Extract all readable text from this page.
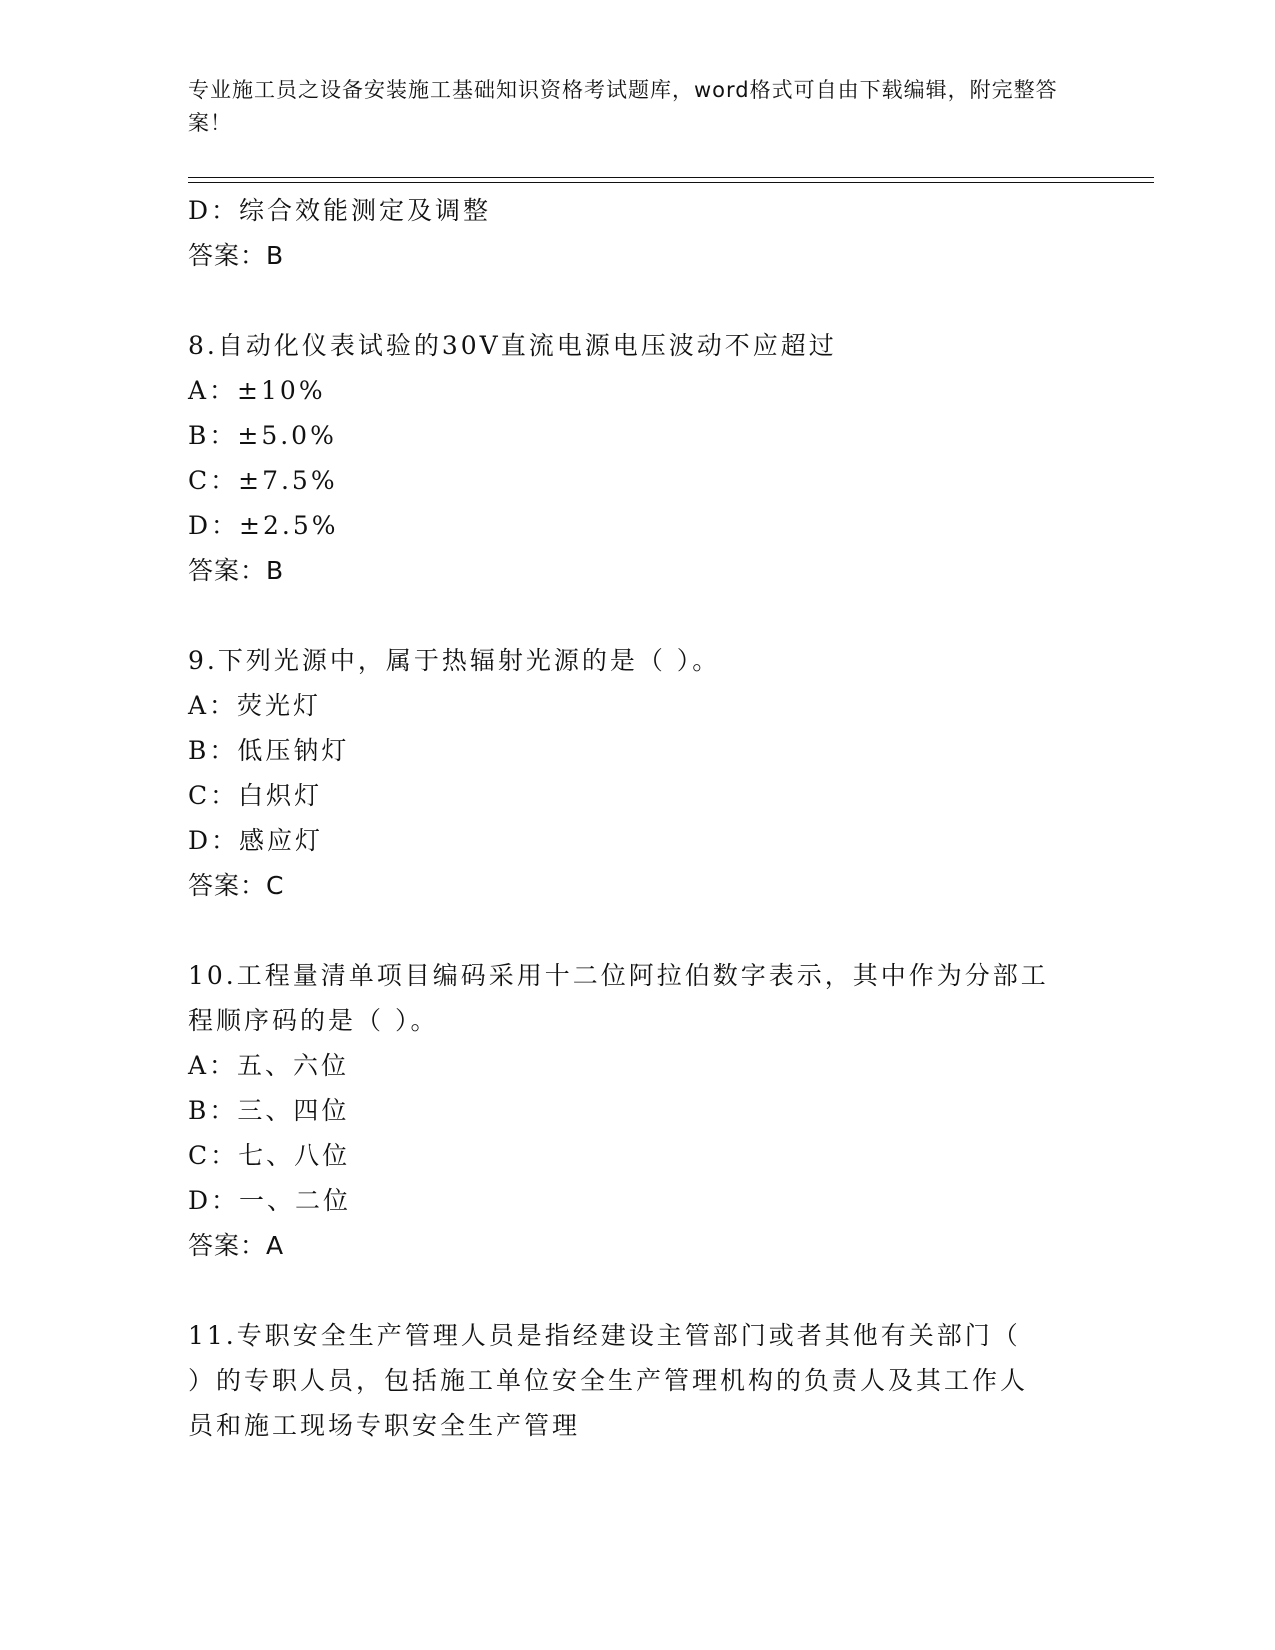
专业施工员之设备安装施工基础知识资格考试题库，word格式可自由下载编辑，附完整答案！
D：综合效能测定及调整
答案：B
8.自动化仪表试验的30V直流电源电压波动不应超过
A：±10%
B：±5.0%
C：±7.5%
D：±2.5%
答案：B
9.下列光源中，属于热辐射光源的是（ ）。
A：荧光灯
B：低压钠灯
C：白炽灯
D：感应灯
答案：C
10.工程量清单项目编码采用十二位阿拉伯数字表示，其中作为分部工
程顺序码的是（ ）。
A：五、六位
B：三、四位
C：七、八位
D：一、二位
答案：A
11.专职安全生产管理人员是指经建设主管部门或者其他有关部门（
）的专职人员，包括施工单位安全生产管理机构的负责人及其工作人
员和施工现场专职安全生产管理
